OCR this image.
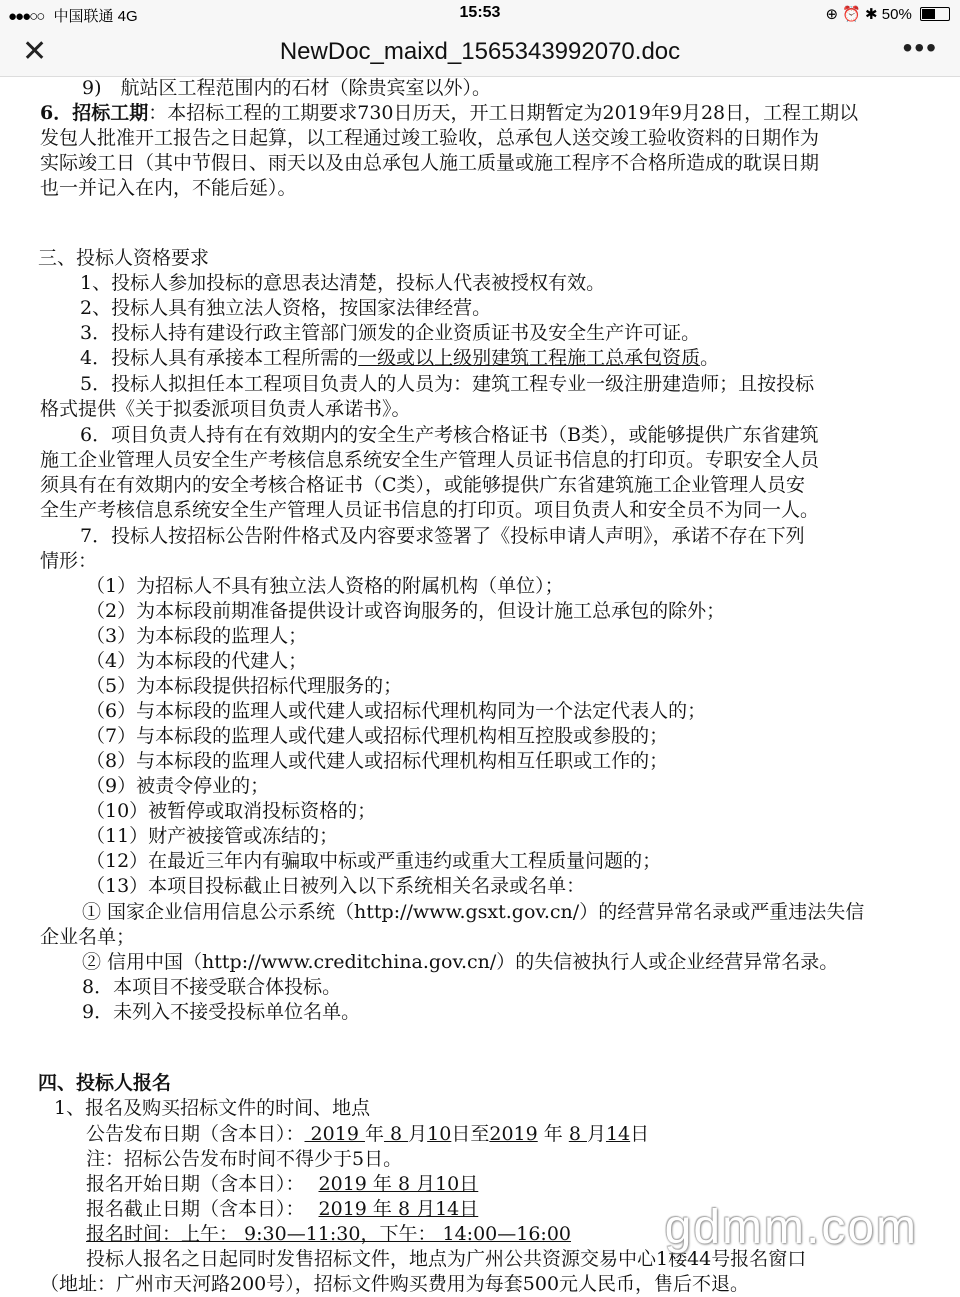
●●●○○ 中国联通 4G	15:53	⊕ ⏰ ✱ 50%
✕	NewDoc_maixd_1565343992070.doc	•••
9)　航站区工程范围内的石材（除贵宾室以外）。
6．招标工期：本招标工程的工期要求730日历天，开工日期暂定为2019年9月28日，工程工期以
发包人批准开工报告之日起算，以工程通过竣工验收，总承包人送交竣工验收资料的日期作为
实际竣工日（其中节假日、雨天以及由总承包人施工质量或施工程序不合格所造成的耽误日期
也一并记入在内，不能后延）。
三、投标人资格要求
1、投标人参加投标的意思表达清楚，投标人代表被授权有效。
2、投标人具有独立法人资格，按国家法律经营。
3．投标人持有建设行政主管部门颁发的企业资质证书及安全生产许可证。
4．投标人具有承接本工程所需的一级或以上级别建筑工程施工总承包资质。
5．投标人拟担任本工程项目负责人的人员为：建筑工程专业一级注册建造师；且按投标
格式提供《关于拟委派项目负责人承诺书》。
6．项目负责人持有在有效期内的安全生产考核合格证书（B类），或能够提供广东省建筑
施工企业管理人员安全生产考核信息系统安全生产管理人员证书信息的打印页。专职安全人员
须具有在有效期内的安全考核合格证书（C类），或能够提供广东省建筑施工企业管理人员安
全生产考核信息系统安全生产管理人员证书信息的打印页。项目负责人和安全员不为同一人。
7．投标人按招标公告附件格式及内容要求签署了《投标申请人声明》，承诺不存在下列
情形：
（1）为招标人不具有独立法人资格的附属机构（单位）；
（2）为本标段前期准备提供设计或咨询服务的，但设计施工总承包的除外；
（3）为本标段的监理人；
（4）为本标段的代建人；
（5）为本标段提供招标代理服务的；
（6）与本标段的监理人或代建人或招标代理机构同为一个法定代表人的；
（7）与本标段的监理人或代建人或招标代理机构相互控股或参股的；
（8）与本标段的监理人或代建人或招标代理机构相互任职或工作的；
（9）被责令停业的；
（10）被暂停或取消投标资格的；
（11）财产被接管或冻结的；
（12）在最近三年内有骗取中标或严重违约或重大工程质量问题的；
（13）本项目投标截止日被列入以下系统相关名录或名单：
① 国家企业信用信息公示系统（http://www.gsxt.gov.cn/）的经营异常名录或严重违法失信
企业名单；
② 信用中国（http://www.creditchina.gov.cn/）的失信被执行人或企业经营异常名录。
8．本项目不接受联合体投标。
9．未列入不接受投标单位名单。
四、投标人报名
1、报名及购买招标文件的时间、地点
公告发布日期（含本日）： 2019 年 8 月10日至2019 年 8 月14日
注：招标公告发布时间不得少于5日。
报名开始日期（含本日）： 2019 年 8 月10日
报名截止日期（含本日）： 2019 年 8 月14日
报名时间：上午： 9:30—11:30，下午： 14:00—16:00
投标人报名之日起同时发售招标文件，地点为广州公共资源交易中心1楼44号报名窗口
（地址：广州市天河路200号），招标文件购买费用为每套500元人民币，售后不退。
gdmm.com
